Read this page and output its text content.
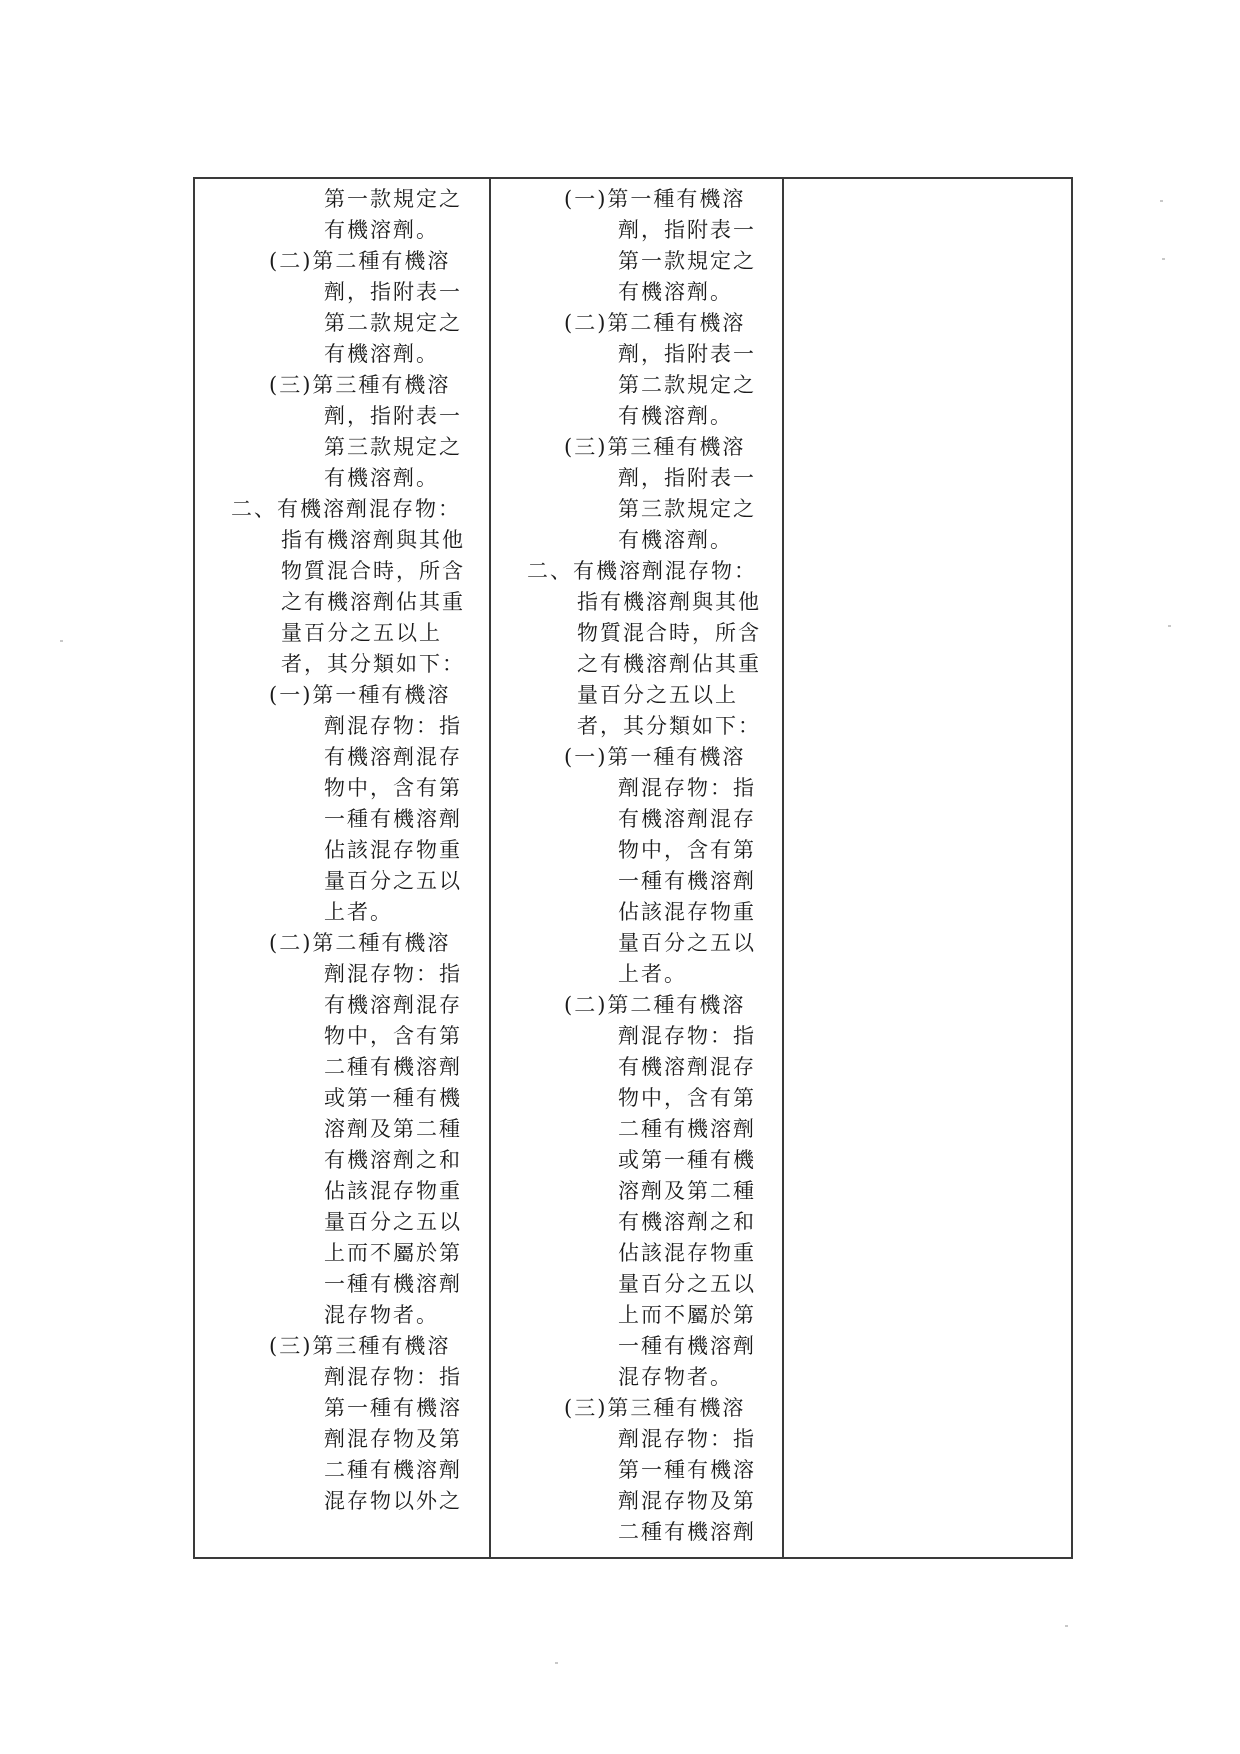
第一款規定之
有機溶劑。
(二)第二種有機溶
劑，指附表一
第二款規定之
有機溶劑。
(三)第三種有機溶
劑，指附表一
第三款規定之
有機溶劑。
二、有機溶劑混存物：
指有機溶劑與其他
物質混合時，所含
之有機溶劑佔其重
量百分之五以上
者，其分類如下：
(一)第一種有機溶
劑混存物：指
有機溶劑混存
物中，含有第
一種有機溶劑
佔該混存物重
量百分之五以
上者。
(二)第二種有機溶
劑混存物：指
有機溶劑混存
物中，含有第
二種有機溶劑
或第一種有機
溶劑及第二種
有機溶劑之和
佔該混存物重
量百分之五以
上而不屬於第
一種有機溶劑
混存物者。
(三)第三種有機溶
劑混存物：指
第一種有機溶
劑混存物及第
二種有機溶劑
混存物以外之
(一)第一種有機溶
劑，指附表一
第一款規定之
有機溶劑。
(二)第二種有機溶
劑，指附表一
第二款規定之
有機溶劑。
(三)第三種有機溶
劑，指附表一
第三款規定之
有機溶劑。
二、有機溶劑混存物：
指有機溶劑與其他
物質混合時，所含
之有機溶劑佔其重
量百分之五以上
者，其分類如下：
(一)第一種有機溶
劑混存物：指
有機溶劑混存
物中，含有第
一種有機溶劑
佔該混存物重
量百分之五以
上者。
(二)第二種有機溶
劑混存物：指
有機溶劑混存
物中，含有第
二種有機溶劑
或第一種有機
溶劑及第二種
有機溶劑之和
佔該混存物重
量百分之五以
上而不屬於第
一種有機溶劑
混存物者。
(三)第三種有機溶
劑混存物：指
第一種有機溶
劑混存物及第
二種有機溶劑
